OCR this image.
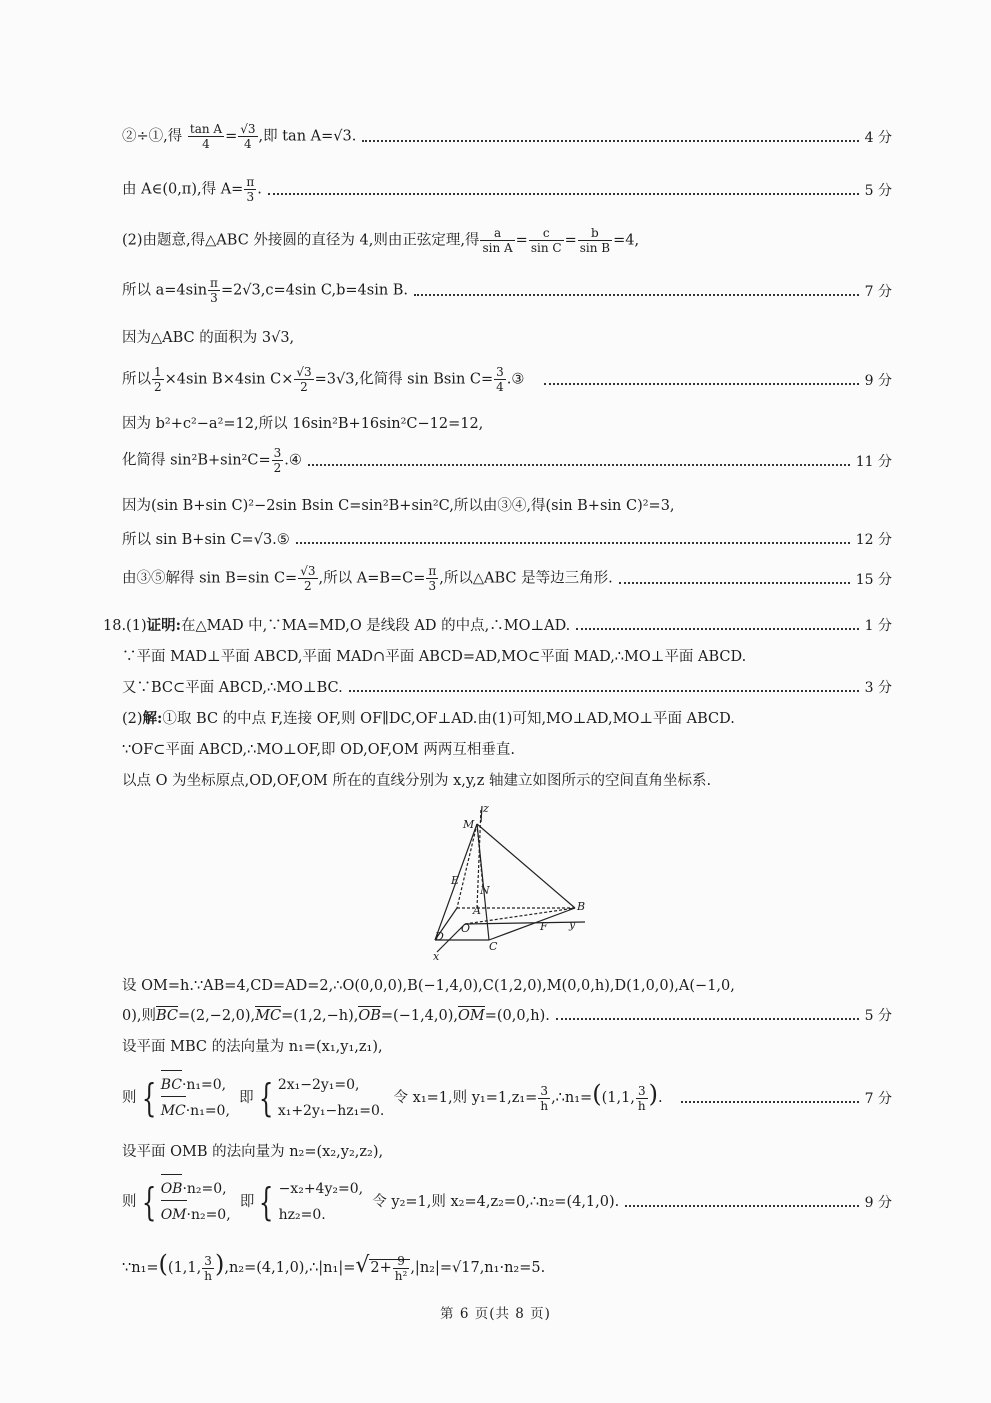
②÷①,得 $\frac{\text{tan A}}{4} = \frac{√3}{4}$ ,即 tan A=√3.	4 分
由 A∈(0,π),得 $A= \frac{\pi}{3}$ .	5 分
(2)由题意,得△ABC 外接圆的直径为 4,则由正弦定理,得 $\frac{a}{\text{sin A}} = \frac{c}{\text{sin C}} = \frac{b}{\text{sin B}} =4$,
所以 $a=4\sin \frac{\pi}{3} =2√3,c=4\sin$ C,b=4sin B.	7 分
因为△ABC 的面积为 3√3,
所以 $\frac{1}{2} \times 4\sin$ B×4sin $C\times \frac{√3}{2} =3√3$,化简得 sin Bsin $C= \frac{3}{4}$ .③	9 分
因为 b²+c²−a²=12,所以 16sin²B+16sin²C−12=12,
化简得 $\sin^2B+\sin^2C= \frac{3}{2}$ .④	11 分
因为(sin B+sin C)²−2sin Bsin C=sin²B+sin²C,所以由③④,得(sin B+sin C)²=3,
所以 sin B+sin C=√3.⑤	12 分
由③⑤解得 sin B=sin $C= \frac{√3}{2}$ ,所以 $A=B=C= \frac{\pi}{3}$ ,所以△ABC 是等边三角形.	15 分
18.(1)证明:在△MAD 中,∵MA=MD,O 是线段 AD 的中点,∴MO⊥AD.	1 分
∵平面 MAD⊥平面 ABCD,平面 MAD∩平面 ABCD=AD,MO⊂平面 MAD,∴MO⊥平面 ABCD.
又∵BC⊂平面 ABCD,∴MO⊥BC.	3 分
(2)解:①取 BC 的中点 F,连接 OF,则 OF∥DC,OF⊥AD.由(1)可知,MO⊥AD,MO⊥平面 ABCD.
∵OF⊂平面 ABCD,∴MO⊥OF,即 OD,OF,OM 两两互相垂直.
以点 O 为坐标原点,OD,OF,OM 所在的直线分别为 x,y,z 轴建立如图所示的空间直角坐标系.
z
M
E
N
A
O
B
D
C
F y
x
设 OM=h.∵AB=4,CD=AD=2,∴O(0,0,0),B(−1,4,0),C(1,2,0),M(0,0,h),D(1,0,0),A(−1,0,
0),则BC=(2,−2,0),MC=(1,2,−h),OB=(−1,4,0),OM=(0,0,h).	5 分
设平面 MBC 的法向量为 n₁=(x₁,y₁,z₁),
则 { BC·n₁=0,
MC·n₁=0,  即 { 2x₁−2y₁=0,
x₁+2y₁−hz₁=0.  令 x₁=1,则 $y_1=1,z_1= \frac{3}{h}$ ,∴n₁=((1,1, $\frac{3}{h}$ ).	7 分
设平面 OMB 的法向量为 n₂=(x₂,y₂,z₂),
则 { OB·n₂=0,
OM·n₂=0,  即 { −x₂+4y₂=0,
hz₂=0.  令 y₂=1,则 x₂=4,z₂=0,∴n₂=(4,1,0).	9 分
∵n₁=((1,1, $\frac{3}{h}$ ),n₂=(4,1,0),∴|n₁|=√2+ $\frac{9}{\text{h²}} ,|n_2|=√17,n_1\cdot n_2=5$.
第 6 页(共 8 页)
